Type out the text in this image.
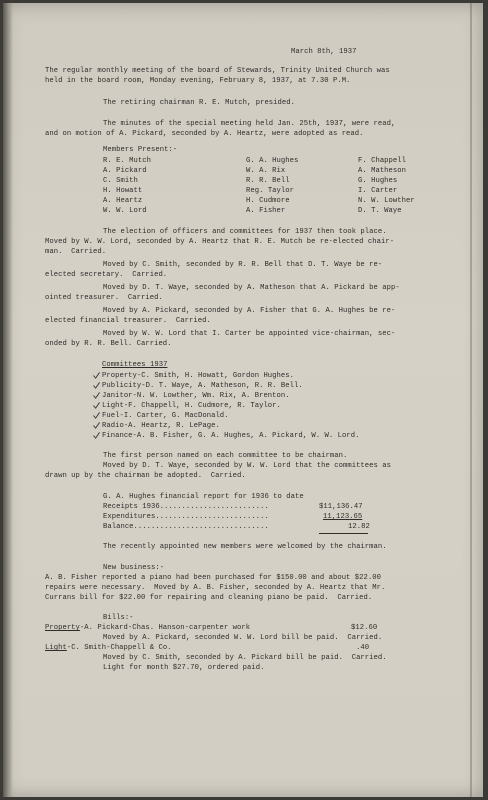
March 8th, 1937
The regular monthly meeting of the board of Stewards, Trinity United Church was
held in the board room, Monday evening, February 8, 1937, at 7.30 P.M.
The retiring chairman R. E. Mutch, presided.
The minutes of the special meeting held Jan. 25th, 1937, were read,
and on motion of A. Pickard, seconded by A. Heartz, were adopted as read.
Members Present:-
R. E. Mutch	G. A. Hughes	F. Chappell
A. Pickard	W. A. Rix	A. Matheson
C. Smith	R. R. Bell	G. Hughes
H. Howatt	Reg. Taylor	I. Carter
A. Heartz	H. Cudmore	N. W. Lowther
W. W. Lord	A. Fisher	D. T. Waye
The election of officers and committees for 1937 then took place.
Moved by W. W. Lord, seconded by A. Heartz that R. E. Mutch be re-elected chair-
man.  Carried.
Moved by C. Smith, seconded by R. R. Bell that D. T. Waye be re-
elected secretary.  Carried.
Moved by D. T. Waye, seconded by A. Matheson that A. Pickard be app-
ointed treasurer.  Carried.
Moved by A. Pickard, seconded by A. Fisher that G. A. Hughes be re-
elected financial treasurer.  Carried.
Moved by W. W. Lord that I. Carter be appointed vice-chairman, sec-
onded by R. R. Bell. Carried.
Committees 1937
Property-C. Smith, H. Howatt, Gordon Hughes.
Publicity-D. T. Waye, A. Matheson, R. R. Bell.
Janitor-N. W. Lowther, Wm. Rix, A. Brenton.
Light-F. Chappell, H. Cudmore, R. Taylor.
Fuel-I. Carter, G. MacDonald.
Radio-A. Heartz, R. LePage.
Finance-A. B. Fisher, G. A. Hughes, A. Pickard, W. W. Lord.
The first person named on each committee to be chairman.
Moved by D. T. Waye, seconded by W. W. Lord that the committees as
drawn up by the chairman be adopted.  Carried.
G. A. Hughes financial report for 1936 to date
Receipts 1936.........................	$11,136.47
Expenditures..........................	11,123.65
Balance...............................	12.82
The recently appointed new members were welcomed by the chairman.
New business:-
A. B. Fisher reported a piano had been purchased for $150.00 and about $22.00
repairs were necessary.  Moved by A. B. Fisher, seconded by A. Heartz that Mr.
Currans bill for $22.00 for repairing and cleaning piano be paid.  Carried.
Bills:-
Property-A. Pickard-Chas. Hanson-carpenter work	$12.60
Moved by A. Pickard, seconded W. W. Lord bill be paid.  Carried.
Light-C. Smith-Chappell & Co.	.40
Moved by C. Smith, seconded by A. Pickard bill be paid.  Carried.
Light for month $27.70, ordered paid.
